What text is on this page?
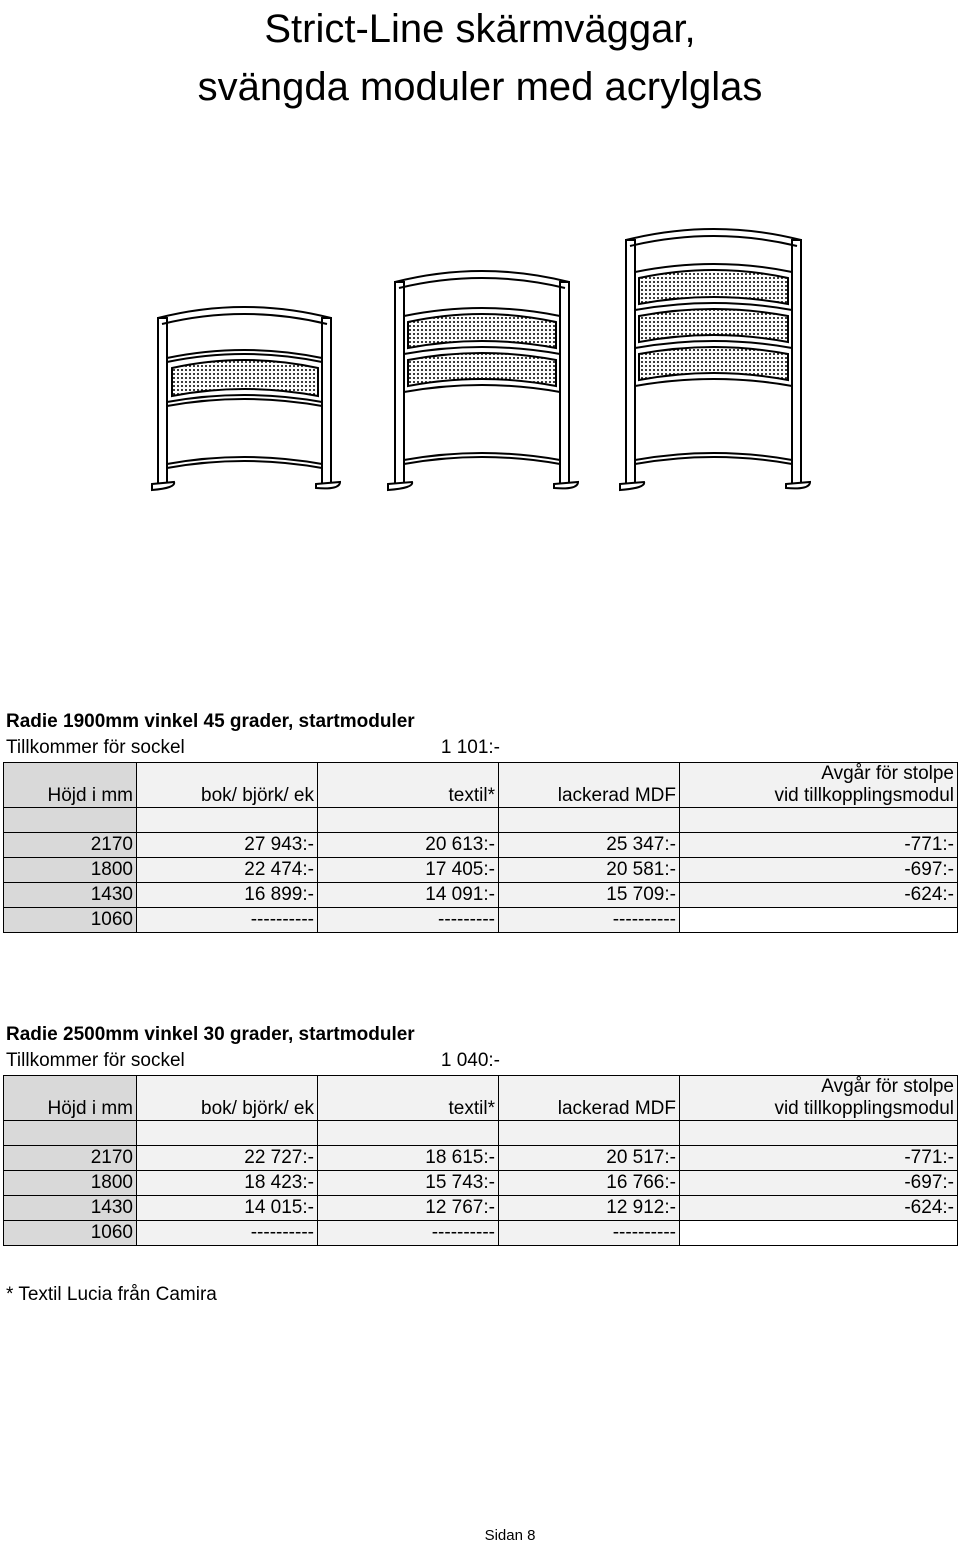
Strict-Line skärmväggar,
svängda moduler med acrylglas
Radie 1900mm vinkel 45 grader, startmoduler
Tillkommer för sockel	1 101:-
Höjd i mm	bok/ björk/ ek	textil*	lackerad MDF	Avgår för stolpe
vid tillkopplingsmodul

2170	27 943:-	20 613:-	25 347:-	-771:-
1800	22 474:-	17 405:-	20 581:-	-697:-
1430	16 899:-	14 091:-	15 709:-	-624:-
1060	----------	---------	----------	
Radie 2500mm vinkel 30 grader, startmoduler
Tillkommer för sockel	1 040:-
Höjd i mm	bok/ björk/ ek	textil*	lackerad MDF	Avgår för stolpe
vid tillkopplingsmodul

2170	22 727:-	18 615:-	20 517:-	-771:-
1800	18 423:-	15 743:-	16 766:-	-697:-
1430	14 015:-	12 767:-	12 912:-	-624:-
1060	----------	----------	----------	
* Textil Lucia från Camira
Sidan 8
